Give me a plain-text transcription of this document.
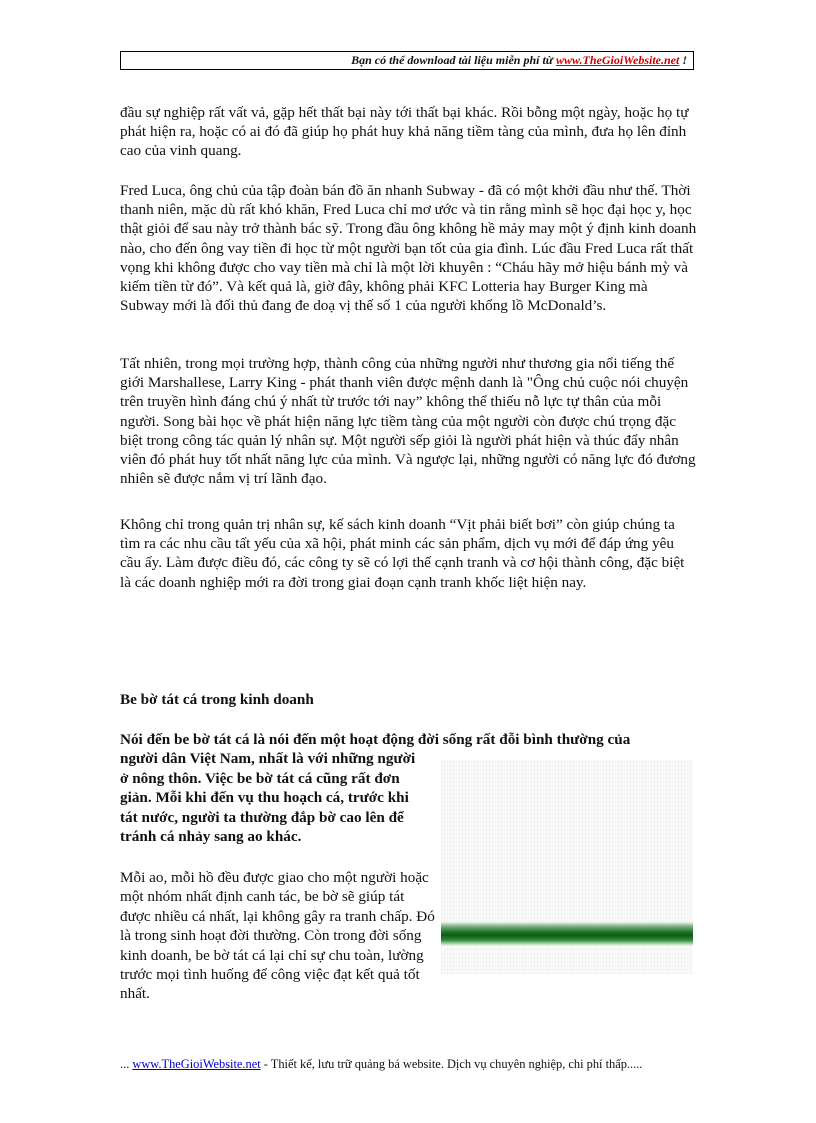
Bạn có thể download tài liệu miễn phí từ www.TheGioiWebsite.net !

đầu sự nghiệp rất vất vả, gặp hết thất bại này tới thất bại khác. Rồi bỗng một ngày, hoặc họ tự phát hiện ra, hoặc có ai đó đã giúp họ phát huy khả năng tiềm tàng của mình, đưa họ lên đỉnh cao của vinh quang.

Fred Luca, ông chủ của tập đoàn bán đồ ăn nhanh Subway - đã có một khởi đầu như thế. Thời thanh niên, mặc dù rất khó khăn, Fred Luca chỉ mơ ước và tin rằng mình sẽ học đại học y, học thật giỏi để sau này trở thành bác sỹ. Trong đầu ông không hề mảy may một ý định kinh doanh nào, cho đến ông vay tiền đi học từ một người bạn tốt của gia đình. Lúc đầu Fred Luca rất thất vọng khi không được cho vay tiền mà chỉ là một lời khuyên : “Cháu hãy mở hiệu bánh mỳ và kiếm tiền từ đó”. Và kết quả là, giờ đây, không phải KFC Lotteria hay Burger King mà Subway mới là đối thủ đang đe doạ vị thế số 1 của người khổng lồ McDonald’s.

Tất nhiên, trong mọi trường hợp, thành công của những người như thương gia nổi tiếng thế giới Marshallese, Larry King - phát thanh viên được mệnh danh là "Ông chủ cuộc nói chuyện trên truyền hình đáng chú ý nhất từ trước tới nay” không thể thiếu nỗ lực tự thân của mỗi người. Song bài học về phát hiện năng lực tiềm tàng của một người còn được chú trọng đặc biệt trong công tác quản lý nhân sự. Một người sếp giỏi là người phát hiện và thúc đẩy nhân viên đó phát huy tốt nhất năng lực của mình. Và ngược lại, những người có năng lực đó đương nhiên sẽ được nắm vị trí lãnh đạo.

Không chỉ trong quản trị nhân sự, kế sách kinh doanh “Vịt phải biết bơi” còn giúp chúng ta tìm ra các nhu cầu tất yếu của xã hội, phát minh các sản phẩm, dịch vụ mới để đáp ứng yêu cầu ấy. Làm được điều đó, các công ty sẽ có lợi thế cạnh tranh và cơ hội thành công, đặc biệt là các doanh nghiệp mới ra đời trong giai đoạn cạnh tranh khốc liệt hiện nay.

Be bờ tát cá trong kinh doanh

Nói đến be bờ tát cá là nói đến một hoạt động đời sống rất đỗi bình thường của
người dân Việt Nam, nhất là với những người ở nông thôn. Việc be bờ tát cá cũng rất đơn giản. Mỗi khi đến vụ thu hoạch cá, trước khi tát nước, người ta thường đắp bờ cao lên để tránh cá nhảy sang ao khác.

Mỗi ao, mỗi hồ đều được giao cho một người hoặc một nhóm nhất định canh tác, be bờ sẽ giúp tát được nhiều cá nhất, lại không gây ra tranh chấp. Đó là trong sinh hoạt đời thường. Còn trong đời sống kinh doanh, be bờ tát cá lại chỉ sự chu toàn, lường trước mọi tình huống để công việc đạt kết quả tốt nhất.

... www.TheGioiWebsite.net - Thiết kế, lưu trữ quảng bá website. Dịch vụ chuyên nghiệp, chi phí thấp.....
